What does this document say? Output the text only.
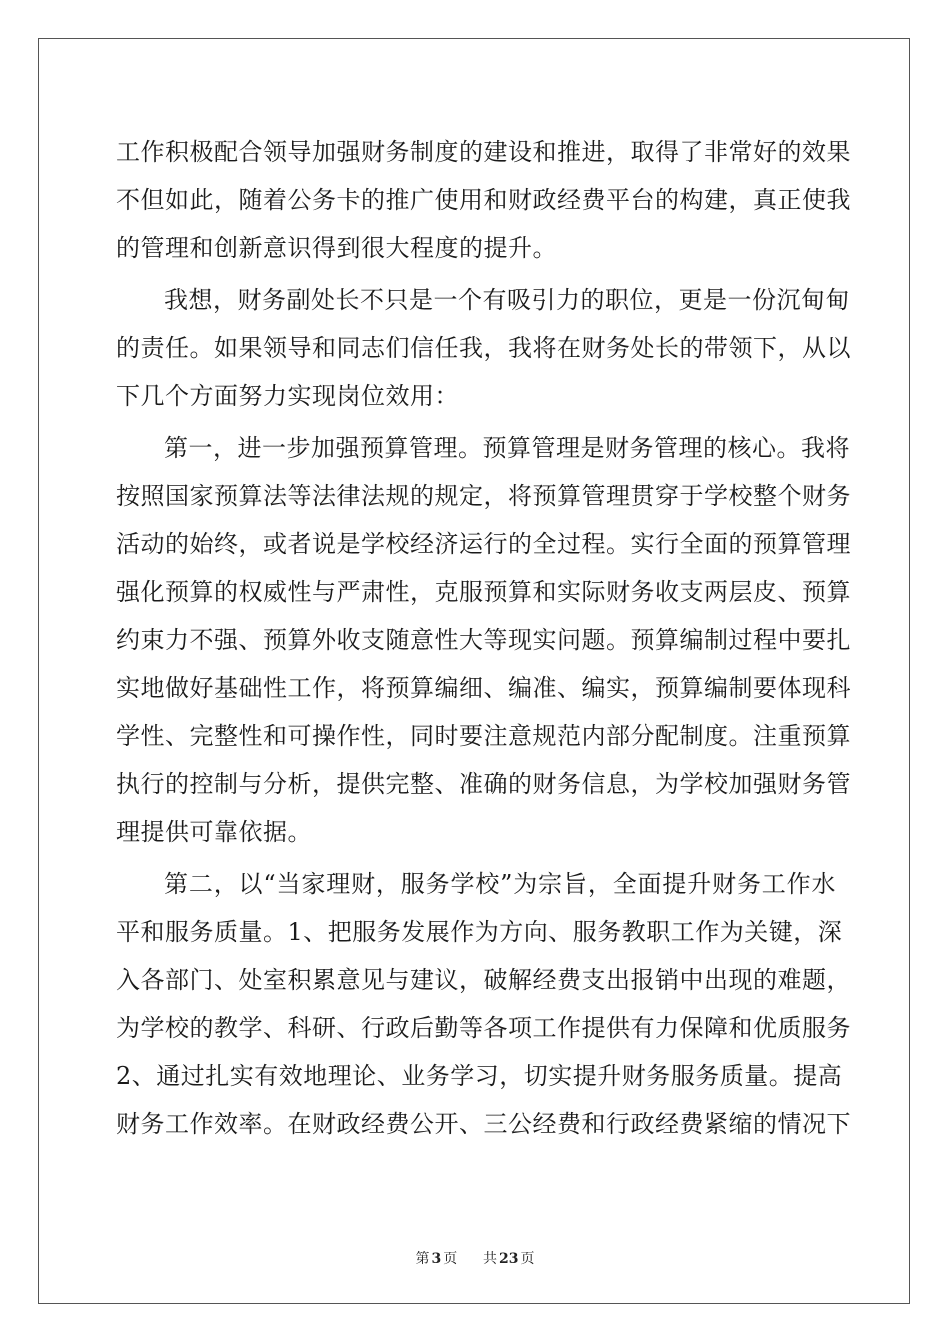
工作积极配合领导加强财务制度的建设和推进，取得了非常好的效果
不但如此，随着公务卡的推广使用和财政经费平台的构建，真正使我
的管理和创新意识得到很大程度的提升。
我想，财务副处长不只是一个有吸引力的职位，更是一份沉甸甸
的责任。如果领导和同志们信任我，我将在财务处长的带领下，从以
下几个方面努力实现岗位效用：
第一，进一步加强预算管理。预算管理是财务管理的核心。我将
按照国家预算法等法律法规的规定，将预算管理贯穿于学校整个财务
活动的始终，或者说是学校经济运行的全过程。实行全面的预算管理
强化预算的权威性与严肃性，克服预算和实际财务收支两层皮、预算
约束力不强、预算外收支随意性大等现实问题。预算编制过程中要扎
实地做好基础性工作，将预算编细、编准、编实，预算编制要体现科
学性、完整性和可操作性，同时要注意规范内部分配制度。注重预算
执行的控制与分析，提供完整、准确的财务信息，为学校加强财务管
理提供可靠依据。
第二，以“当家理财，服务学校”为宗旨，全面提升财务工作水
平和服务质量。1、把服务发展作为方向、服务教职工作为关键，深
入各部门、处室积累意见与建议，破解经费支出报销中出现的难题，
为学校的教学、科研、行政后勤等各项工作提供有力保障和优质服务
2、通过扎实有效地理论、业务学习，切实提升财务服务质量。提高
财务工作效率。在财政经费公开、三公经费和行政经费紧缩的情况下
第 3 页 共 23 页
